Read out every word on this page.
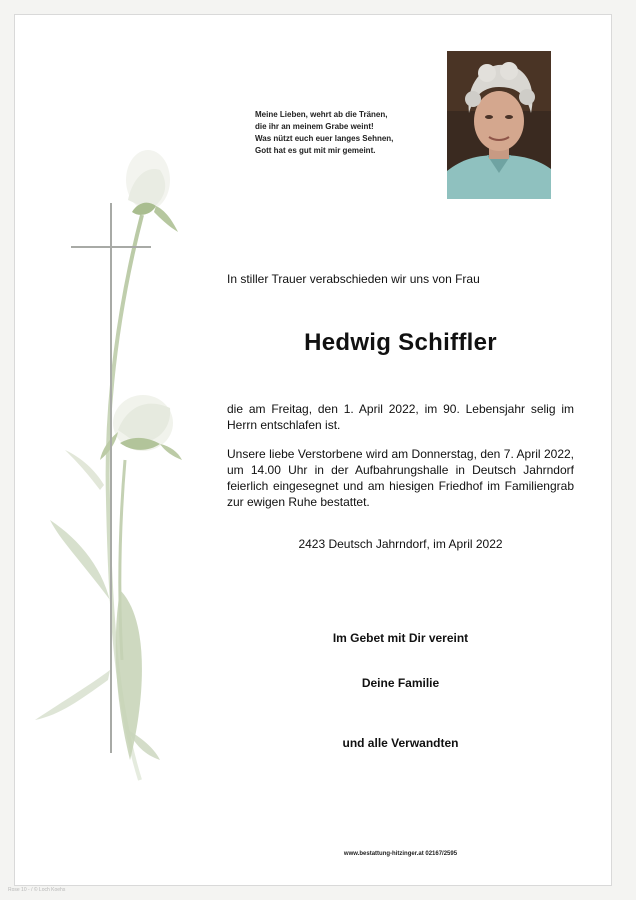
Meine Lieben, wehrt ab die Tränen,
die ihr an meinem Grabe weint!
Was nützt euch euer langes Sehnen,
Gott hat es gut mit mir gemeint.
In stiller Trauer verabschieden wir uns von Frau
Hedwig Schiffler

die am Freitag, den 1. April 2022, im 90. Lebensjahr selig im Herrn entschlafen ist.

Unsere liebe Verstorbene wird am Donnerstag, den 7. April 2022, um 14.00 Uhr in der Aufbahrungshalle in Deutsch Jahrndorf feierlich eingesegnet und am hiesigen Friedhof im Familiengrab zur ewigen Ruhe bestattet.

2423 Deutsch Jahrndorf, im April 2022
Im Gebet mit Dir vereint
Deine Familie
und alle Verwandten
www.bestattung-hitzinger.at 02167/2595
Rose 10 - / © Loch Koehs
